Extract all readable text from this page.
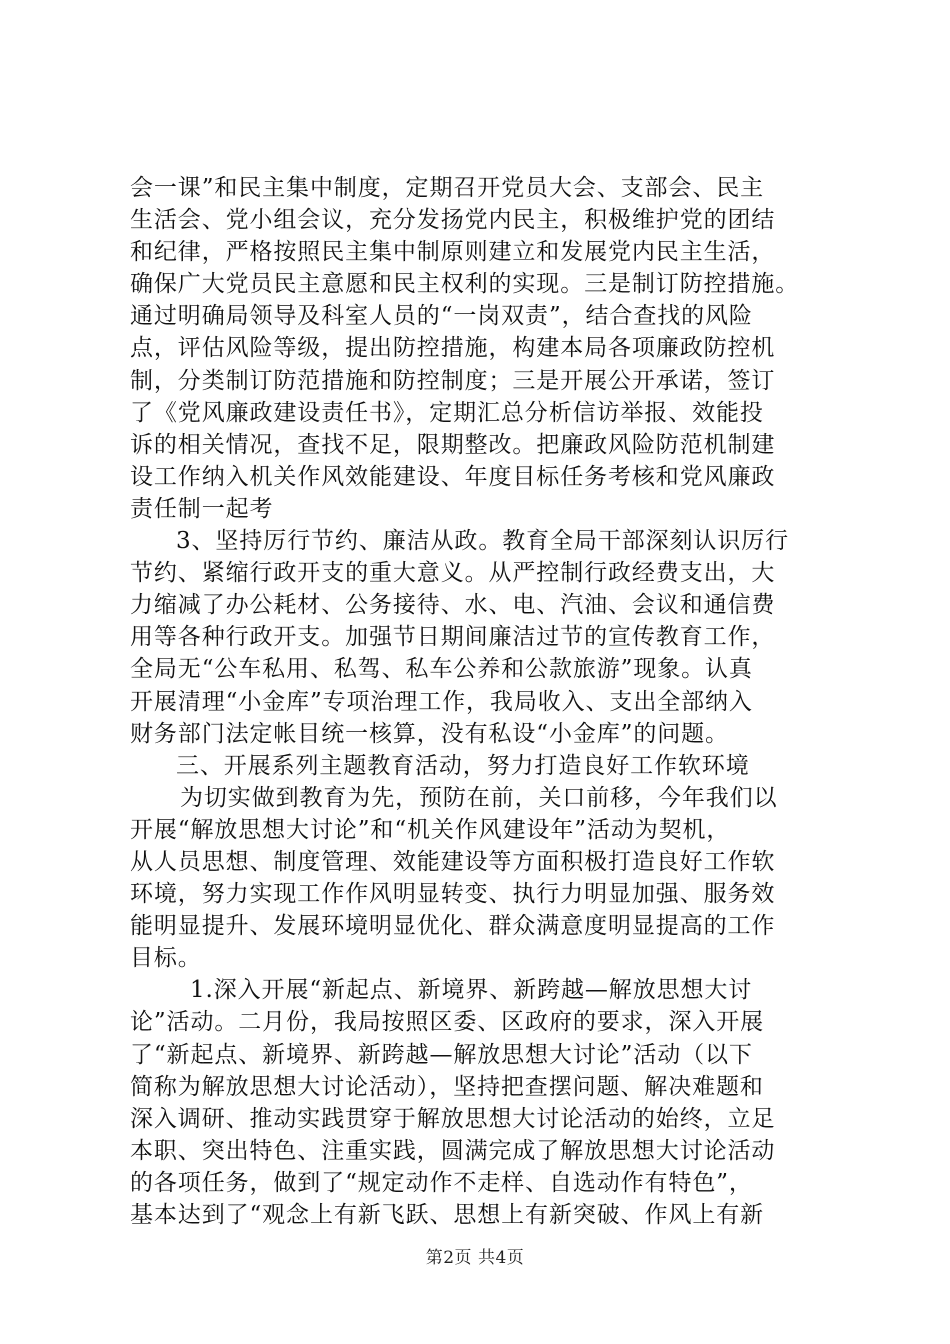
会一课”和民主集中制度，定期召开党员大会、支部会、民主
生活会、党小组会议，充分发扬党内民主，积极维护党的团结
和纪律，严格按照民主集中制原则建立和发展党内民主生活，
确保广大党员民主意愿和民主权利的实现。三是制订防控措施。
通过明确局领导及科室人员的“一岗双责”，结合查找的风险
点，评估风险等级，提出防控措施，构建本局各项廉政防控机
制，分类制订防范措施和防控制度；三是开展公开承诺，签订
了《党风廉政建设责任书》，定期汇总分析信访举报、效能投
诉的相关情况，查找不足，限期整改。把廉政风险防范机制建
设工作纳入机关作风效能建设、年度目标任务考核和党风廉政
责任制一起考
3、坚持厉行节约、廉洁从政。教育全局干部深刻认识厉行
节约、紧缩行政开支的重大意义。从严控制行政经费支出，大
力缩减了办公耗材、公务接待、水、电、汽油、会议和通信费
用等各种行政开支。加强节日期间廉洁过节的宣传教育工作，
全局无“公车私用、私驾、私车公养和公款旅游”现象。认真
开展清理“小金库”专项治理工作，我局收入、支出全部纳入
财务部门法定帐目统一核算，没有私设“小金库”的问题。
三、开展系列主题教育活动，努力打造良好工作软环境
为切实做到教育为先，预防在前，关口前移，今年我们以
开展“解放思想大讨论”和“机关作风建设年”活动为契机，
从人员思想、制度管理、效能建设等方面积极打造良好工作软
环境，努力实现工作作风明显转变、执行力明显加强、服务效
能明显提升、发展环境明显优化、群众满意度明显提高的工作
目标。
1.深入开展“新起点、新境界、新跨越—解放思想大讨
论”活动。二月份，我局按照区委、区政府的要求，深入开展
了“新起点、新境界、新跨越—解放思想大讨论”活动（以下
简称为解放思想大讨论活动），坚持把查摆问题、解决难题和
深入调研、推动实践贯穿于解放思想大讨论活动的始终，立足
本职、突出特色、注重实践，圆满完成了解放思想大讨论活动
的各项任务，做到了“规定动作不走样、自选动作有特色”，
基本达到了“观念上有新飞跃、思想上有新突破、作风上有新
第2页 共4页
